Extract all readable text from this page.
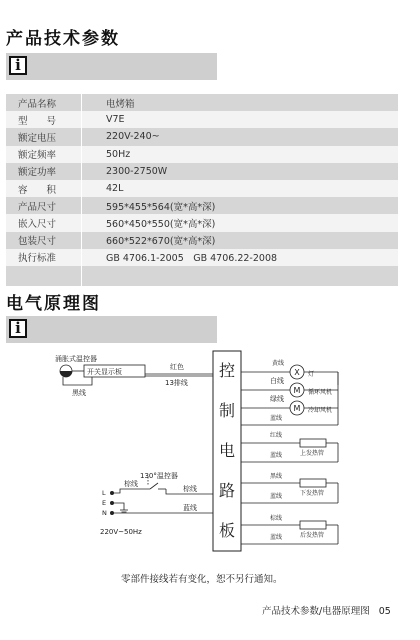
产品技术参数
i
产品名称	电烤箱
型　　号	V7E
额定电压	220V-240~
额定频率	50Hz
额定功率	2300-2750W
容　　积	42L
产品尺寸	595*455*564(宽*高*深)
嵌入尺寸	560*450*550(宽*高*深)
包装尺寸	660*522*670(宽*高*深)
执行标准	GB 4706.1-2005　GB 4706.22-2008

电气原理图
i
控
制
电
路
板
涌胀式温控器
开关显示板
黑线
红色
13排线
黄线
白线
绿线
蓝线
X
M
M
灯
循环风机
冷却风机
红线
蓝线	上发热管
黑线
蓝线	下发热管
棕线
蓝线	后发热管
130°温控器
棕线
棕线
蓝线
L
E
N
220V~50Hz
零部件接线若有变化，恕不另行通知。
产品技术参数/电器原理图 05
